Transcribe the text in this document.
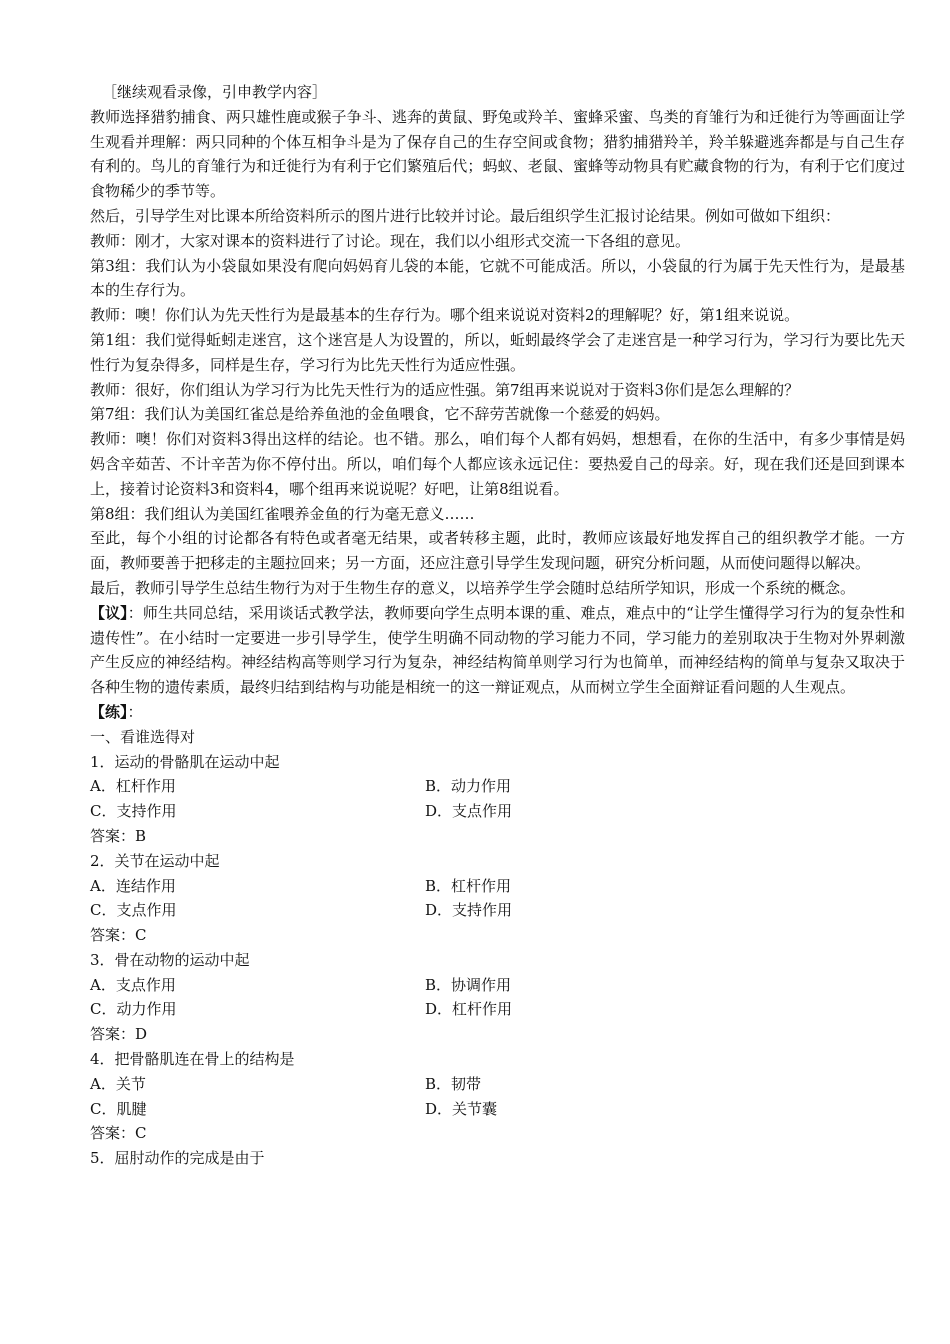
［继续观看录像，引申教学内容］

教师选择猎豹捕食、两只雄性鹿或猴子争斗、逃奔的黄鼠、野兔或羚羊、蜜蜂采蜜、鸟类的育雏行为和迁徙行为等画面让学生观看并理解：两只同种的个体互相争斗是为了保存自己的生存空间或食物；猎豹捕猎羚羊，羚羊躲避逃奔都是与自己生存有利的。鸟儿的育雏行为和迁徙行为有利于它们繁殖后代；蚂蚁、老鼠、蜜蜂等动物具有贮藏食物的行为，有利于它们度过食物稀少的季节等。

然后，引导学生对比课本所给资料所示的图片进行比较并讨论。最后组织学生汇报讨论结果。例如可做如下组织：

教师：刚才，大家对课本的资料进行了讨论。现在，我们以小组形式交流一下各组的意见。

第3组：我们认为小袋鼠如果没有爬向妈妈育儿袋的本能，它就不可能成活。所以，小袋鼠的行为属于先天性行为，是最基本的生存行为。

教师：噢！你们认为先天性行为是最基本的生存行为。哪个组来说说对资料2的理解呢？好，第1组来说说。

第1组：我们觉得蚯蚓走迷宫，这个迷宫是人为设置的，所以，蚯蚓最终学会了走迷宫是一种学习行为，学习行为要比先天性行为复杂得多，同样是生存，学习行为比先天性行为适应性强。

教师：很好，你们组认为学习行为比先天性行为的适应性强。第7组再来说说对于资料3你们是怎么理解的？

第7组：我们认为美国红雀总是给养鱼池的金鱼喂食，它不辞劳苦就像一个慈爱的妈妈。

教师：噢！你们对资料3得出这样的结论。也不错。那么，咱们每个人都有妈妈，想想看，在你的生活中，有多少事情是妈妈含辛茹苦、不计辛苦为你不停付出。所以，咱们每个人都应该永远记住：要热爱自己的母亲。好，现在我们还是回到课本上，接着讨论资料3和资料4，哪个组再来说说呢？好吧，让第8组说看。

第8组：我们组认为美国红雀喂养金鱼的行为毫无意义……

至此，每个小组的讨论都各有特色或者毫无结果，或者转移主题，此时，教师应该最好地发挥自己的组织教学才能。一方面，教师要善于把移走的主题拉回来；另一方面，还应注意引导学生发现问题，研究分析问题，从而使问题得以解决。

最后，教师引导学生总结生物行为对于生物生存的意义，以培养学生学会随时总结所学知识，形成一个系统的概念。

【议】：师生共同总结，采用谈话式教学法，教师要向学生点明本课的重、难点，难点中的“让学生懂得学习行为的复杂性和遗传性”。在小结时一定要进一步引导学生，使学生明确不同动物的学习能力不同，学习能力的差别取决于生物对外界刺激产生反应的神经结构。神经结构高等则学习行为复杂，神经结构简单则学习行为也简单，而神经结构的简单与复杂又取决于各种生物的遗传素质，最终归结到结构与功能是相统一的这一辩证观点，从而树立学生全面辩证看问题的人生观点。

【练】：

一、看谁选得对

1．运动的骨骼肌在运动中起

A．杠杆作用	B．动力作用
C．支持作用	D．支点作用

答案：B

2．关节在运动中起

A．连结作用	B．杠杆作用
C．支点作用	D．支持作用

答案：C

3．骨在动物的运动中起

A．支点作用	B．协调作用
C．动力作用	D．杠杆作用

答案：D

4．把骨骼肌连在骨上的结构是

A．关节	B．韧带
C．肌腱	D．关节囊

答案：C

5．屈肘动作的完成是由于
